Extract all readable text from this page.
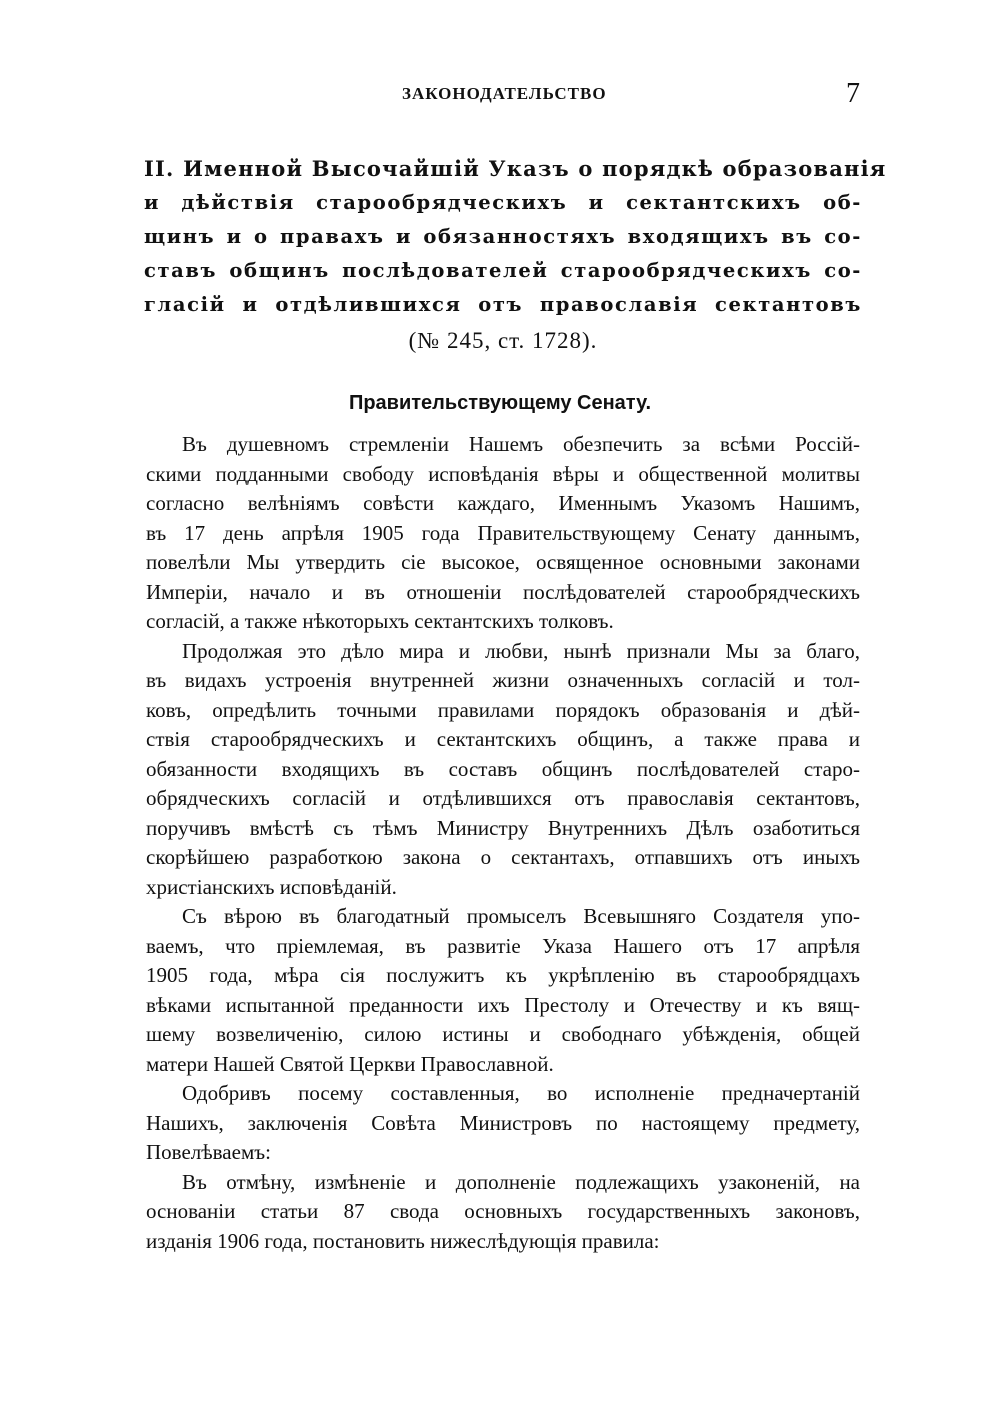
ЗАКОНОДАТЕЛЬСТВО	7
II. Именной Высочайшiй Указъ о порядкѣ образованiя
и дѣйствiя старообрядческихъ и сектантскихъ об-
щинъ и о правахъ и обязанностяхъ входящихъ въ со-
ставъ общинъ послѣдователей старообрядческихъ со-
гласiй и отдѣлившихся отъ православiя сектантовъ
(№ 245, ст. 1728).
Правительствующему Сенату.
Въ душевномъ стремленiи Нашемъ обезпечить за всѣми Россiй-
скими подданными свободу исповѣданiя вѣры и общественной молитвы
согласно велѣнiямъ совѣсти каждаго, Именнымъ Указомъ Нашимъ,
въ 17 день апрѣля 1905 года Правительствующему Сенату даннымъ,
повелѣли Мы утвердить сiе высокое, освященное основными законами
Имперiи, начало и въ отношенiи послѣдователей старообрядческихъ
согласiй, а также нѣкоторыхъ сектантскихъ толковъ.
Продолжая это дѣло мира и любви, нынѣ признали Мы за благо,
въ видахъ устроенiя внутренней жизни означенныхъ согласiй и тол-
ковъ, опредѣлить точными правилами порядокъ образованiя и дѣй-
ствiя старообрядческихъ и сектантскихъ общинъ, а также права и
обязанности входящихъ въ составъ общинъ послѣдователей старо-
обрядческихъ согласiй и отдѣлившихся отъ православiя сектантовъ,
поручивъ вмѣстѣ съ тѣмъ Министру Внутреннихъ Дѣлъ озаботиться
скорѣйшею разработкою закона о сектантахъ, отпавшихъ отъ иныхъ
христiанскихъ исповѣданiй.
Съ вѣрою въ благодатный промыселъ Всевышняго Создателя упо-
ваемъ, что прiемлемая, въ развитiе Указа Нашего отъ 17 апрѣля
1905 года, мѣра сiя послужитъ къ укрѣпленiю въ старообрядцахъ
вѣками испытанной преданности ихъ Престолу и Отечеству и къ вящ-
шему возвеличенiю, силою истины и свободнаго убѣжденiя, общей
матери Нашей Святой Церкви Православной.
Одобривъ посему составленныя, во исполненiе предначертанiй
Нашихъ, заключенiя Совѣта Министровъ по настоящему предмету,
Повелѣваемъ:
Въ отмѣну, измѣненiе и дополненiе подлежащихъ узаконенiй, на
основанiи статьи 87 свода основныхъ государственныхъ законовъ,
изданiя 1906 года, постановить нижеслѣдующiя правила:
